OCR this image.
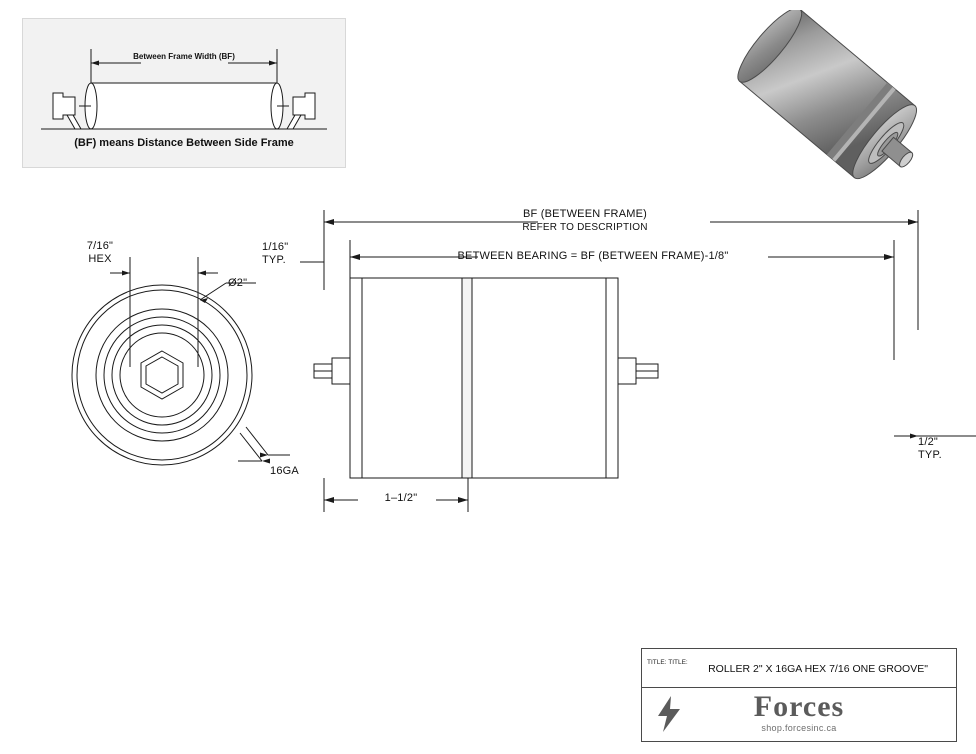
Between Frame Width (BF)
(BF) means Distance Between Side Frame
7/16"
HEX
Ø2"
16GA
BF (BETWEEN FRAME)
REFER TO DESCRIPTION
BETWEEN BEARING = BF (BETWEEN FRAME)-1/8"
1/16"
TYP.
1/2"
TYP.
1–1/2"
TITLE: TITLE:
ROLLER 2" X 16GA HEX 7/16 ONE GROOVE"
Forces
shop.forcesinc.ca
